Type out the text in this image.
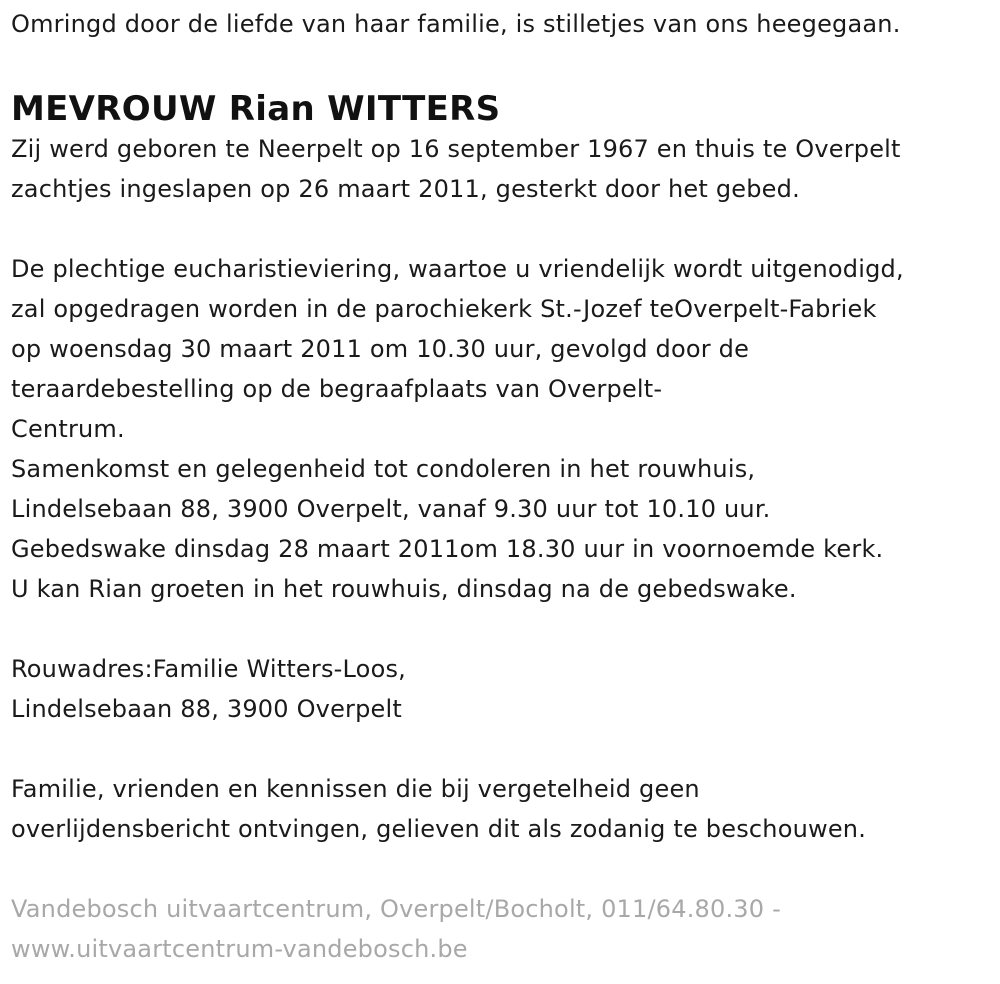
Omringd door de liefde van haar familie, is stilletjes van ons heegegaan.
MEVROUW Rian WITTERS
Zij werd geboren te Neerpelt op 16 september 1967 en thuis te Overpelt
zachtjes ingeslapen op 26 maart 2011, gesterkt door het gebed.
De plechtige eucharistieviering, waartoe u vriendelijk wordt uitgenodigd,
zal opgedragen worden in de parochiekerk St.-Jozef teOverpelt-Fabriek
op woensdag 30 maart 2011 om 10.30 uur, gevolgd door de
teraardebestelling op de begraafplaats van Overpelt-
Centrum.
Samenkomst en gelegenheid tot condoleren in het rouwhuis,
Lindelsebaan 88, 3900 Overpelt, vanaf 9.30 uur tot 10.10 uur.
Gebedswake dinsdag 28 maart 2011om 18.30 uur in voornoemde kerk.
U kan Rian groeten in het rouwhuis, dinsdag na de gebedswake.
Rouwadres:Familie Witters-Loos,
Lindelsebaan 88, 3900 Overpelt
Familie, vrienden en kennissen die bij vergetelheid geen
overlijdensbericht ontvingen, gelieven dit als zodanig te beschouwen.
Vandebosch uitvaartcentrum, Overpelt/Bocholt, 011/64.80.30 -
www.uitvaartcentrum-vandebosch.be
